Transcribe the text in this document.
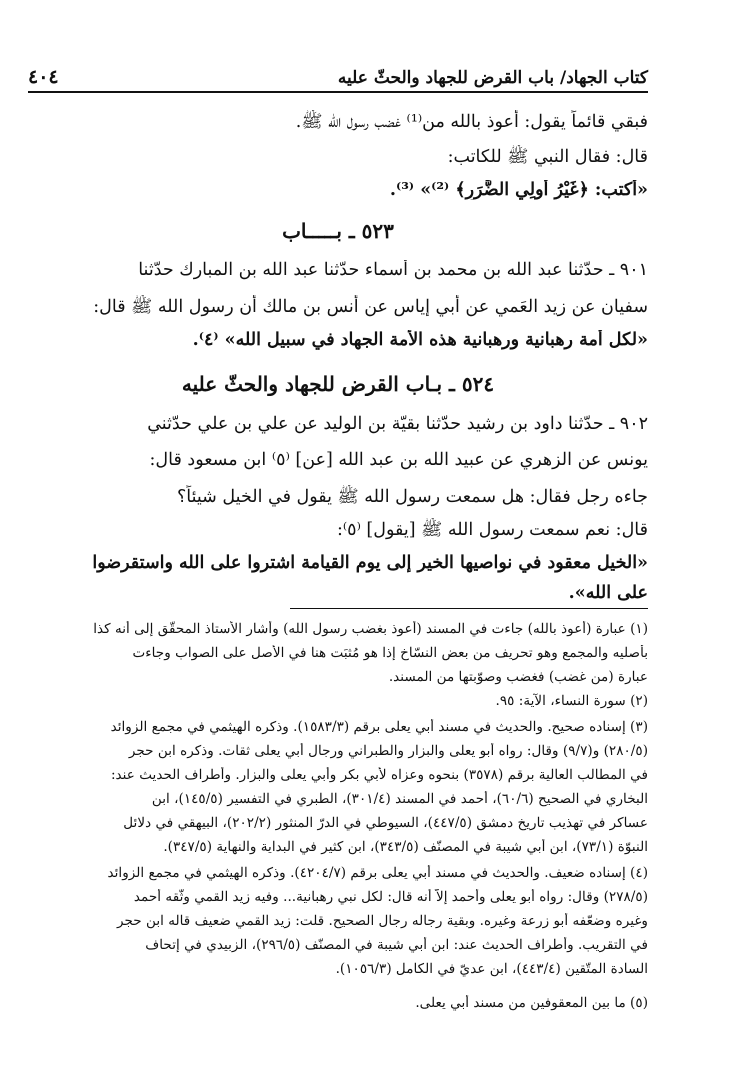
كتاب الجهاد/ باب القرض للجهاد والحثّ عليه
٤٠٤
فبقي قائماً يقول: أعوذ بالله من⁽¹⁾ غضب رسول الله ﷺ.
قال: فقال النبي ﷺ للكاتب:
«أكتب: ﴿غَيْرُ أُولِي الضَّرَرِ﴾ ⁽²⁾» ⁽³⁾.
٥٢٣ ـ بـــــاب
٩٠١ ـ حدّثنا عبد الله بن محمد بن أسماء حدّثنا عبد الله بن المبارك حدّثنا
سفيان عن زيد العَمي عن أبي إياس عن أنس بن مالك أن رسول الله ﷺ قال:
«لكل أمة رهبانية ورهبانية هذه الأمة الجهاد في سبيل الله» ⁽٤⁾.
٥٢٤ ـ بـاب القرض للجهاد والحثّ عليه
٩٠٢ ـ حدّثنا داود بن رشيد حدّثنا بقيّة بن الوليد عن علي بن علي حدّثني
يونس عن الزهري عن عبيد الله بن عبد الله [عن] ⁽٥⁾ ابن مسعود قال:
جاءه رجل فقال: هل سمعت رسول الله ﷺ يقول في الخيل شيئاً؟
قال: نعم سمعت رسول الله ﷺ [يقول] ⁽٥⁾:
«الخيل معقود في نواصيها الخير إلى يوم القيامة اشتروا على الله واستقرضوا
على الله».
(١) عبارة (أعوذ بالله) جاءت في المسند (أعوذ بغضب رسول الله) وأشار الأستاذ المحقّق إلى أنه كذا
بأصليه والمجمع وهو تحريف من بعض النسّاخ إذا هو مُثبَت هنا في الأصل على الصواب وجاءت
عبارة (من غضب) فغضب وصوّبتها من المسند.
(٢) سورة النساء، الآية: ٩٥.
(٣) إسناده صحيح. والحديث في مسند أبي يعلى برقم (١٥٨٣/٣). وذكره الهيثمي في مجمع الزوائد
(٢٨٠/٥) و(٩/٧) وقال: رواه أبو يعلى والبزار والطبراني ورجال أبي يعلى ثقات. وذكره ابن حجر
في المطالب العالية برقم (٣٥٧٨) بنحوه وعزاه لأبي بكر وأبي يعلى والبزار. وأطراف الحديث عند:
البخاري في الصحيح (٦٠/٦)، أحمد في المسند (٣٠١/٤)، الطبري في التفسير (١٤٥/٥)، ابن
عساكر في تهذيب تاريخ دمشق (٤٤٧/٥)، السيوطي في الدرّ المنثور (٢٠٢/٢)، البيهقي في دلائل
النبوّة (٧٣/١)، ابن أبي شيبة في المصنّف (٣٤٣/٥)، ابن كثير في البداية والنهاية (٣٤٧/٥).
(٤) إسناده ضعيف. والحديث في مسند أبي يعلى برقم (٤٢٠٤/٧). وذكره الهيثمي في مجمع الزوائد
(٢٧٨/٥) وقال: رواه أبو يعلى وأحمد إلاّ أنه قال: لكل نبي رهبانية... وفيه زيد القمي وثّقه أحمد
وغيره وضعّفه أبو زرعة وغيره. وبقية رجاله رجال الصحيح. قلت: زيد القمي ضعيف قاله ابن حجر
في التقريب. وأطراف الحديث عند: ابن أبي شيبة في المصنّف (٢٩٦/٥)، الزبيدي في إتحاف
السادة المتّقين (٤٤٣/٤)، ابن عديّ في الكامل (١٠٥٦/٣).
(٥) ما بين المعقوفين من مسند أبي يعلى.
